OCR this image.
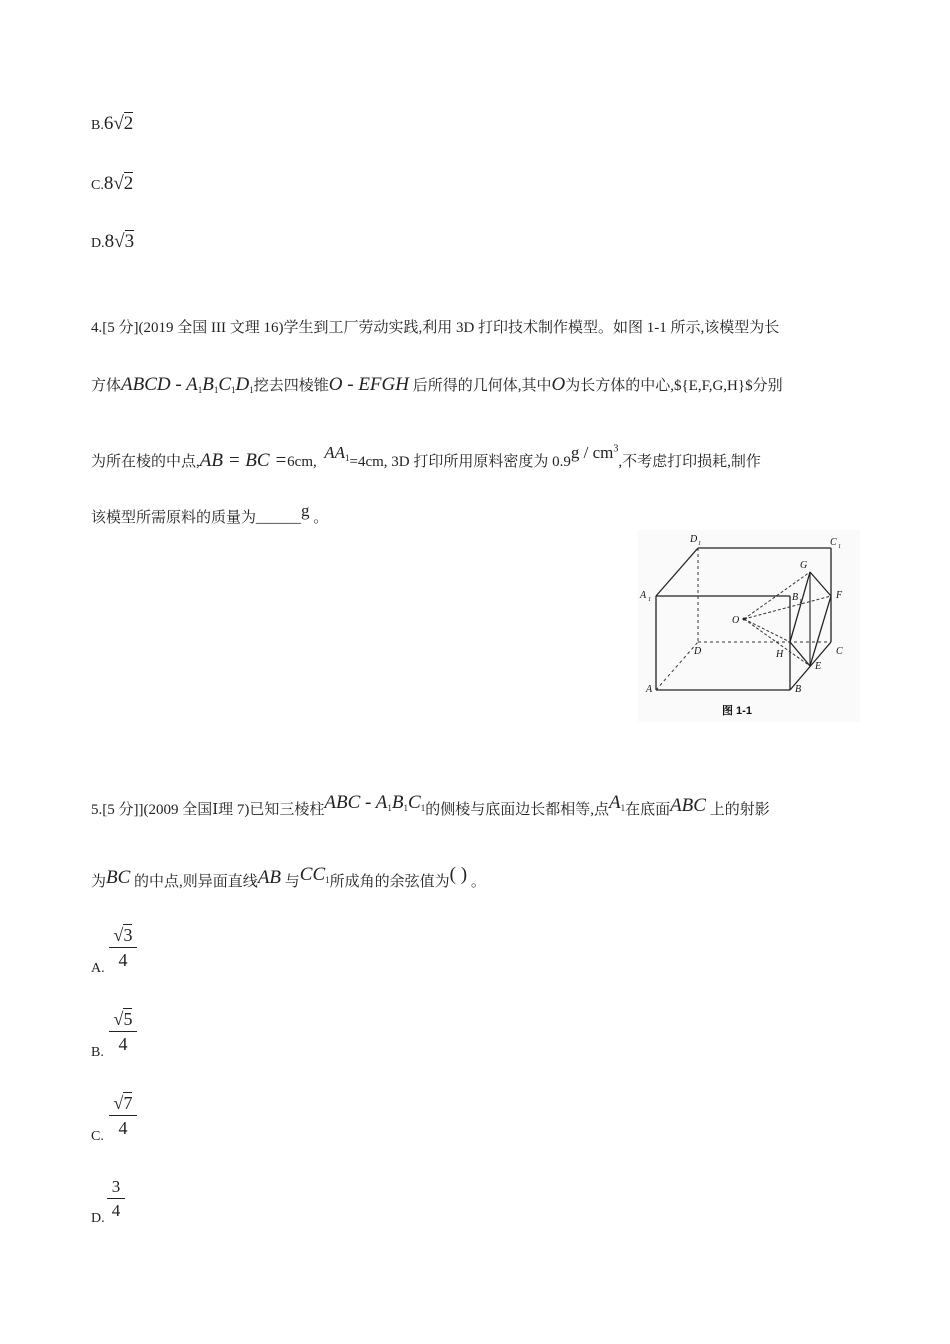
B.6√2
C.8√2
D.8√3
4.[5 分](2019 全国 III 文理 16)学生到工厂劳动实践,利用 3D 打印技术制作模型。如图 1-1 所示,该模型为长
方体ABCD - $A_1B_1C_1D_1$挖去四棱锥O - EFGH 后所得的几何体,其中O为长方体的中心,${E,F,G,H}$分别
为所在棱的中点,AB = BC =6cm, $AA_1=4cm$, 3D 打印所用原料密度为 $0.9g / cm^3$,不考虑打印损耗,制作
该模型所需原料的质量为______g 。
D 1	C 1
A 1	B 1
G
F
O
D	H
E
C
A	B
图 1-1
5.[5 分]](2009 全国Ⅰ理 7)已知三棱柱ABC - $A_1B_1C_1$的侧棱与底面边长都相等,点$A_1$在底面ABC 上的射影
为BC 的中点,则异面直线AB 与$CC_1$所成角的余弦值为( ) 。
A.
√3
4
B.
√5
4
C.
√7
4
D.
3
4
